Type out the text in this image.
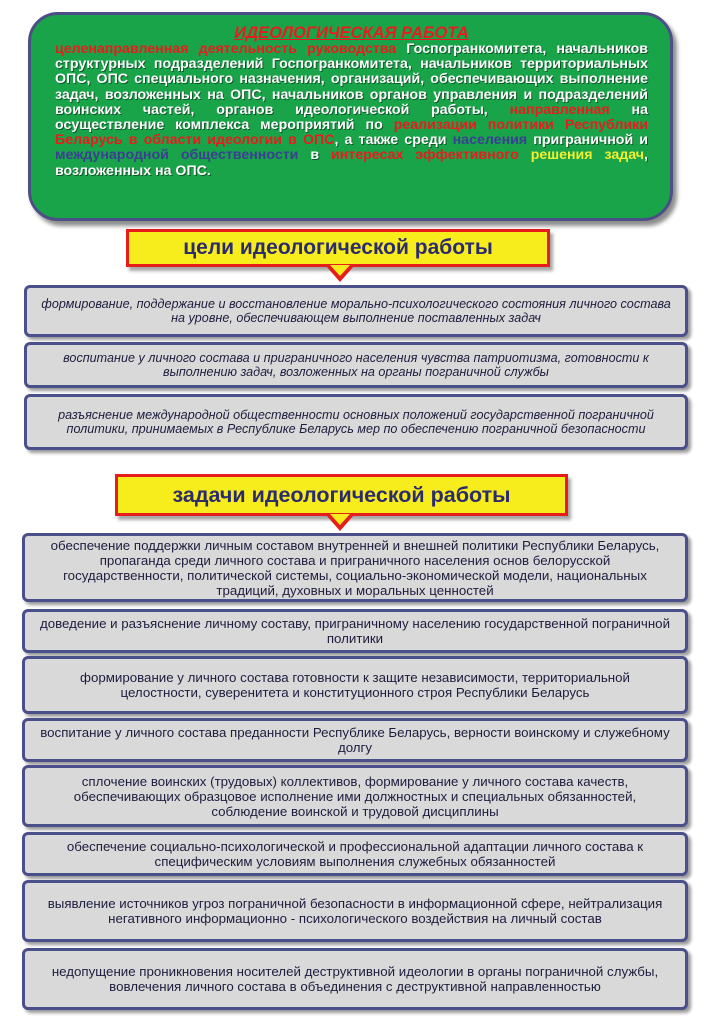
ИДЕОЛОГИЧЕСКАЯ РАБОТА
целенаправленная деятельность руководства Госпогранкомитета, начальников структурных подразделений Госпогранкомитета, начальников территориальных ОПС, ОПС специального назначения, организаций, обеспечивающих выполнение задач, возложенных на ОПС, начальников органов управления и подразделений воинских частей, органов идеологической работы, направленная на осуществление комплекса мероприятий по реализации политики Республики Беларусь в области идеологии в ОПС, а также среди населения приграничной и международной общественности в интересах эффективного решения задач, возложенных на ОПС.
цели идеологической работы
формирование, поддержание и восстановление морально-психологического состояния личного состава на уровне, обеспечивающем выполнение поставленных задач
воспитание у личного состава и приграничного населения чувства патриотизма, готовности к выполнению задач, возложенных на органы пограничной службы
разъяснение международной общественности основных положений государственной пограничной политики, принимаемых в Республике Беларусь мер по обеспечению пограничной безопасности
задачи идеологической работы
обеспечение поддержки личным составом внутренней и внешней политики Республики Беларусь, пропаганда среди личного состава и приграничного населения основ белорусской государственности, политической системы, социально-экономической модели, национальных традиций, духовных и моральных ценностей
доведение и разъяснение личному составу, приграничному населению государственной пограничной политики
формирование у личного состава готовности к защите независимости, территориальной целостности, суверенитета и конституционного строя Республики Беларусь
воспитание у личного состава преданности Республике Беларусь, верности воинскому и служебному долгу
сплочение воинских (трудовых) коллективов, формирование у личного состава качеств, обеспечивающих образцовое исполнение ими должностных и специальных обязанностей, соблюдение воинской и трудовой дисциплины
обеспечение социально-психологической и профессиональной адаптации личного состава к специфическим условиям выполнения служебных обязанностей
выявление источников угроз пограничной безопасности в информационной сфере, нейтрализация негативного информационно - психологического воздействия на личный состав
недопущение проникновения носителей деструктивной идеологии в органы пограничной службы, вовлечения личного состава в объединения с деструктивной направленностью
